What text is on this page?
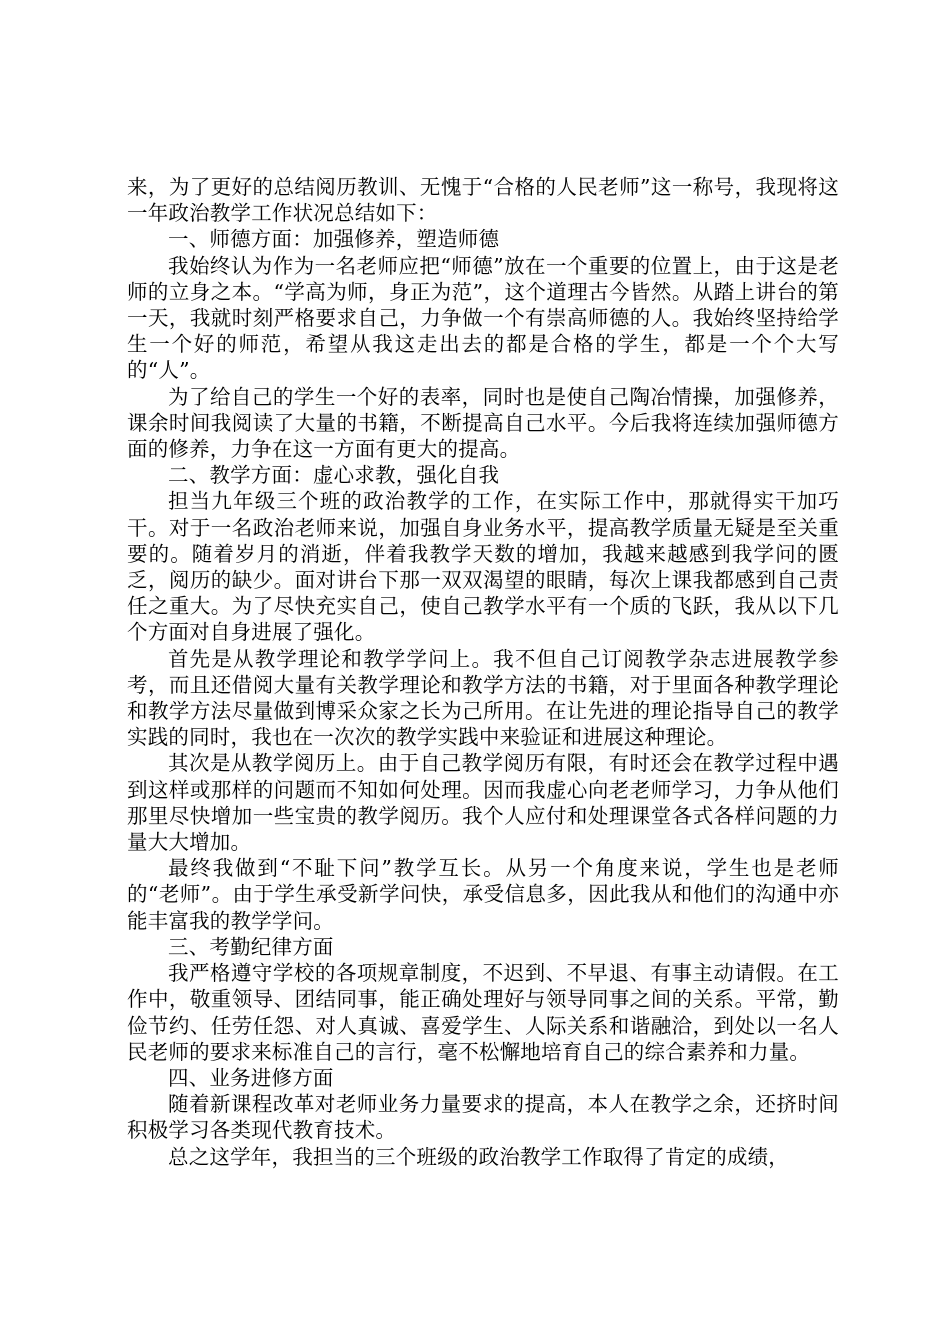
来，为了更好的总结阅历教训、无愧于“合格的人民老师”这一称号，我现将这一年政治教学工作状况总结如下：

一、师德方面：加强修养，塑造师德

我始终认为作为一名老师应把“师德”放在一个重要的位置上，由于这是老师的立身之本。“学高为师，身正为范”，这个道理古今皆然。从踏上讲台的第一天，我就时刻严格要求自己，力争做一个有崇高师德的人。我始终坚持给学生一个好的师范，希望从我这走出去的都是合格的学生，都是一个个大写的“人”。

为了给自己的学生一个好的表率，同时也是使自己陶冶情操，加强修养，课余时间我阅读了大量的书籍，不断提高自己水平。今后我将连续加强师德方面的修养，力争在这一方面有更大的提高。

二、教学方面：虚心求教，强化自我

担当九年级三个班的政治教学的工作，在实际工作中，那就得实干加巧干。对于一名政治老师来说，加强自身业务水平，提高教学质量无疑是至关重要的。随着岁月的消逝，伴着我教学天数的增加，我越来越感到我学问的匮乏，阅历的缺少。面对讲台下那一双双渴望的眼睛，每次上课我都感到自己责任之重大。为了尽快充实自己，使自己教学水平有一个质的飞跃，我从以下几个方面对自身进展了强化。

首先是从教学理论和教学学问上。我不但自己订阅教学杂志进展教学参考，而且还借阅大量有关教学理论和教学方法的书籍，对于里面各种教学理论和教学方法尽量做到博采众家之长为己所用。在让先进的理论指导自己的教学实践的同时，我也在一次次的教学实践中来验证和进展这种理论。

其次是从教学阅历上。由于自己教学阅历有限，有时还会在教学过程中遇到这样或那样的问题而不知如何处理。因而我虚心向老老师学习，力争从他们那里尽快增加一些宝贵的教学阅历。我个人应付和处理课堂各式各样问题的力量大大增加。

最终我做到“不耻下问”教学互长。从另一个角度来说，学生也是老师的“老师”。由于学生承受新学问快，承受信息多，因此我从和他们的沟通中亦能丰富我的教学学问。

三、考勤纪律方面

我严格遵守学校的各项规章制度，不迟到、不早退、有事主动请假。在工作中，敬重领导、团结同事，能正确处理好与领导同事之间的关系。平常，勤俭节约、任劳任怨、对人真诚、喜爱学生、人际关系和谐融洽，到处以一名人民老师的要求来标准自己的言行，毫不松懈地培育自己的综合素养和力量。

四、业务进修方面

随着新课程改革对老师业务力量要求的提高，本人在教学之余，还挤时间积极学习各类现代教育技术。

总之这学年，我担当的三个班级的政治教学工作取得了肯定的成绩，
